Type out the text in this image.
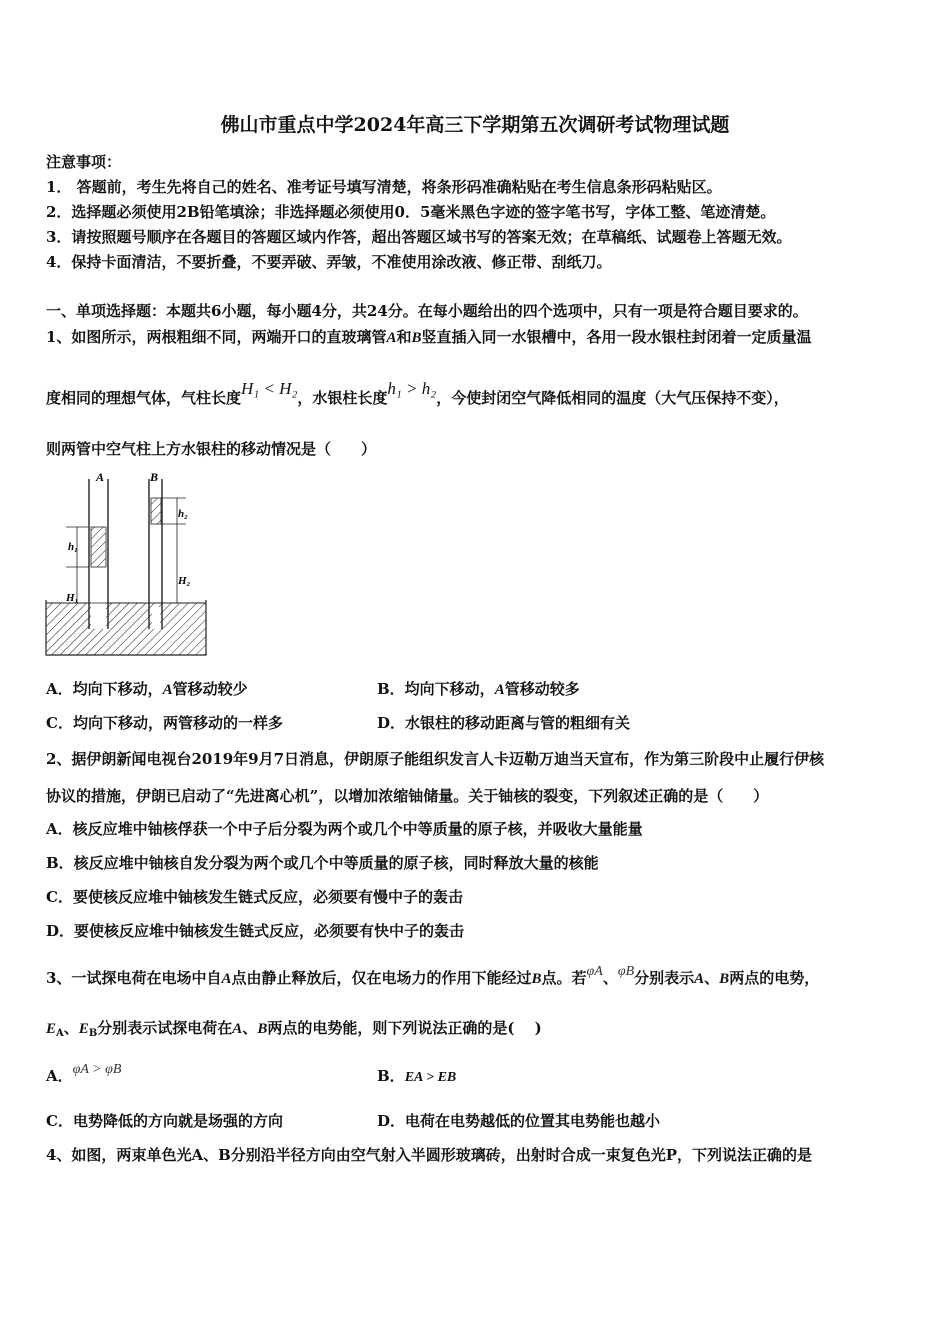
佛山市重点中学2024年高三下学期第五次调研考试物理试题
注意事项：
1． 答题前，考生先将自己的姓名、准考证号填写清楚，将条形码准确粘贴在考生信息条形码粘贴区。
2．选择题必须使用2B铅笔填涂；非选择题必须使用0．5毫米黑色字迹的签字笔书写，字体工整、笔迹清楚。
3．请按照题号顺序在各题目的答题区域内作答，超出答题区域书写的答案无效；在草稿纸、试题卷上答题无效。
4．保持卡面清洁，不要折叠，不要弄破、弄皱，不准使用涂改液、修正带、刮纸刀。
一、单项选择题：本题共6小题，每小题4分，共24分。在每小题给出的四个选项中，只有一项是符合题目要求的。
1、如图所示，两根粗细不同，两端开口的直玻璃管A和B竖直插入同一水银槽中，各用一段水银柱封闭着一定质量温
度相同的理想气体，气柱长度H₁ < H₂，水银柱长度h₁ > h₂，今使封闭空气降低相同的温度（大气压保持不变），
则两管中空气柱上方水银柱的移动情况是（　　）
A	B
h₁
H₁
h₂
H₂
A．均向下移动，A管移动较少	B．均向下移动，A管移动较多
C．均向下移动，两管移动的一样多	D．水银柱的移动距离与管的粗细有关
2、据伊朗新闻电视台2019年9月7日消息，伊朗原子能组织发言人卡迈勒万迪当天宣布，作为第三阶段中止履行伊核
协议的措施，伊朗已启动了“先进离心机”，以增加浓缩铀储量。关于铀核的裂变，下列叙述正确的是（　　）
A．核反应堆中铀核俘获一个中子后分裂为两个或几个中等质量的原子核，并吸收大量能量
B．核反应堆中铀核自发分裂为两个或几个中等质量的原子核，同时释放大量的核能
C．要使核反应堆中铀核发生链式反应，必须要有慢中子的轰击
D．要使核反应堆中铀核发生链式反应，必须要有快中子的轰击
3、一试探电荷在电场中自A点由静止释放后，仅在电场力的作用下能经过B点。若φA、φB分别表示A、B两点的电势，
$E_A$、$E_B$分别表示试探电荷在A、B两点的电势能，则下列说法正确的是(　 )
A．φA > φB	B．EA > EB
C．电势降低的方向就是场强的方向	D．电荷在电势越低的位置其电势能也越小
4、如图，两束单色光A、B分别沿半径方向由空气射入半圆形玻璃砖，出射时合成一束复色光P，下列说法正确的是
